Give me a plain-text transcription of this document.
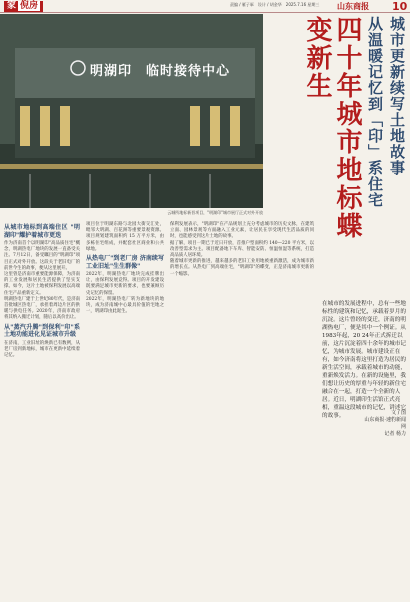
家 倪房	责编 / 雁子軍　设计 / 胡金华　2025.7.16 星期三 山东商报 10
明湖印　临时接待中心
云城所地标新晋项目，"明湖印"城市展厅正式对外开放
城市更新续写土地故事
从温暖记忆到「印」系住宅
四十年城市地标蝶变新生
在城市的发展进程中，总有一些地标性的建筑和记忆，承载着岁月的沉淀。这片曾经的变迁，济南的明湖热电厂，便是其中一个例证。从1983年起，20 24年正式拆迁以前，这片沉淀着四十余年的城市记忆，为城市发展。城市建设正在有，如今济南将这里打造为居民的新生活空间，承载着城市的动能，重新焕发活力。在新的设施里，我们想让历史的厚重与年轻的新住宅融合在一起，打造一个全新的人居。近日，明湖印生活馆正式亮相，重温这段城市的记忆，讲述它的故事。	文 / 图
山东商报·速豹新闻网
记者 杨力
从城市地标到高端住区 "明湖印"耀护着城市更迭

作为济南首个以明湖印"高品质住宅"概念，明湖热电厂地块的发展一直备受关注。7月12日，备受瞩目的"明湖印"项目正式对外开放。这段关于老旧电厂的前世今生的故事，便从这里展开。

这里曾是济南市重要能源保障，为济南的工业发展和居民生活提供了坚实支撑。如今，这片土地被保利发展以高端住宅产品重新定义。

明湖热电厂建于上世纪80年代，是济南首批城区热电厂，承担着周边片区的供暖与供电任务。2020年，济南市政府将其纳入搬迁计划，随后以高价出让。

从"蒸汽升腾"到保利"印"系 土地功能进化见证城市升级

在济南，工业旧址的焕新已有数例，从老厂房到新地标，城市在更新中延续着记忆。

项目位于明湖东路与北园大街交汇处，毗邻大明湖、百花洲等重要景观资源。项目规划建筑面积约 15 万平方米，由多栋住宅组成，并配套社区商业和公共绿地。

从热电厂"到老厂房 济南续写工业旧址"生生群像"

2022年，明湖热电厂地块完成挂牌出让，由保利发展竞得。项目的开发建设既要满足城市更新的要求，也要兼顾历史记忆的保留。

2022年，明湖热电厂转为新地块的地块，成为济南城中心最具价值的宅地之一，明湖印由此诞生。

保利发展表示，"明湖印"在产品规划上充分考虑城市的历史文脉，在建筑立面、园林景观等方面融入工业元素，让居民在享受现代生活品质的同时，也能感受到这片土地的故事。

据了解，项目一期已于近日开放，首推户型面积约 140—220 平方米，以改善型需求为主。项目配备地下车库、智能安防、恒温恒湿等系统，打造高品质人居环境。

随着城市更新的推进，越来越多的老旧工业用地被重新激活，成为城市新的增长点。从热电厂到高端住宅，"明湖印"的蝶变，正是济南城市更新的一个缩影。
